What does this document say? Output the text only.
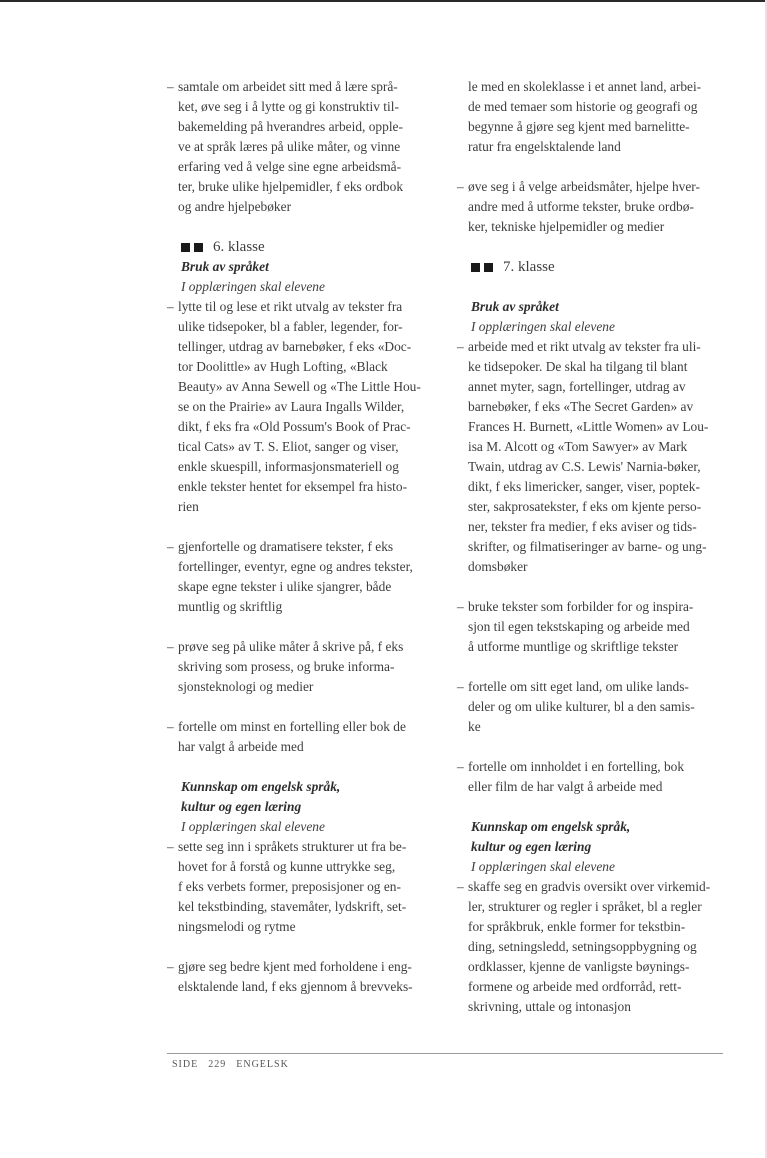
– samtale om arbeidet sitt med å lære språ-
ket, øve seg i å lytte og gi konstruktiv til-
bakemelding på hverandres arbeid, opple-
ve at språk læres på ulike måter, og vinne
erfaring ved å velge sine egne arbeidsmå-
ter, bruke ulike hjelpemidler, f eks ordbok
og andre hjelpebøker
6. klasse
Bruk av språket
I opplæringen skal elevene
– lytte til og lese et rikt utvalg av tekster fra
ulike tidsepoker, bl a fabler, legender, for-
tellinger, utdrag av barnebøker, f eks «Doc-
tor Doolittle» av Hugh Lofting, «Black
Beauty» av Anna Sewell og «The Little Hou-
se on the Prairie» av Laura Ingalls Wilder,
dikt, f eks fra «Old Possum's Book of Prac-
tical Cats» av T. S. Eliot, sanger og viser,
enkle skuespill, informasjonsmateriell og
enkle tekster hentet for eksempel fra histo-
rien
– gjenfortelle og dramatisere tekster, f eks
fortellinger, eventyr, egne og andres tekster,
skape egne tekster i ulike sjangrer, både
muntlig og skriftlig
– prøve seg på ulike måter å skrive på, f eks
skriving som prosess, og bruke informa-
sjonsteknologi og medier
– fortelle om minst en fortelling eller bok de
har valgt å arbeide med
Kunnskap om engelsk språk,
kultur og egen læring
I opplæringen skal elevene
– sette seg inn i språkets strukturer ut fra be-
hovet for å forstå og kunne uttrykke seg,
f eks verbets former, preposisjoner og en-
kel tekstbinding, stavemåter, lydskrift, set-
ningsmelodi og rytme
– gjøre seg bedre kjent med forholdene i eng-
elsktalende land, f eks gjennom å brevveks-
le med en skoleklasse i et annet land, arbei-
de med temaer som historie og geografi og
begynne å gjøre seg kjent med barnelitte-
ratur fra engelsktalende land
– øve seg i å velge arbeidsmåter, hjelpe hver-
andre med å utforme tekster, bruke ordbø-
ker, tekniske hjelpemidler og medier
7. klasse
Bruk av språket
I opplæringen skal elevene
– arbeide med et rikt utvalg av tekster fra uli-
ke tidsepoker. De skal ha tilgang til blant
annet myter, sagn, fortellinger, utdrag av
barnebøker, f eks «The Secret Garden» av
Frances H. Burnett, «Little Women» av Lou-
isa M. Alcott og «Tom Sawyer» av Mark
Twain, utdrag av C.S. Lewis' Narnia-bøker,
dikt, f eks limericker, sanger, viser, poptek-
ster, sakprosatekster, f eks om kjente perso-
ner, tekster fra medier, f eks aviser og tids-
skrifter, og filmatiseringer av barne- og ung-
domsbøker
– bruke tekster som forbilder for og inspira-
sjon til egen tekstskaping og arbeide med
å utforme muntlige og skriftlige tekster
– fortelle om sitt eget land, om ulike lands-
deler og om ulike kulturer, bl a den samis-
ke
– fortelle om innholdet i en fortelling, bok
eller film de har valgt å arbeide med
Kunnskap om engelsk språk,
kultur og egen læring
I opplæringen skal elevene
– skaffe seg en gradvis oversikt over virkemid-
ler, strukturer og regler i språket, bl a regler
for språkbruk, enkle former for tekstbin-
ding, setningsledd, setningsoppbygning og
ordklasser, kjenne de vanligste bøynings-
formene og arbeide med ordforråd, rett-
skrivning, uttale og intonasjon
SIDE 229 ENGELSK
